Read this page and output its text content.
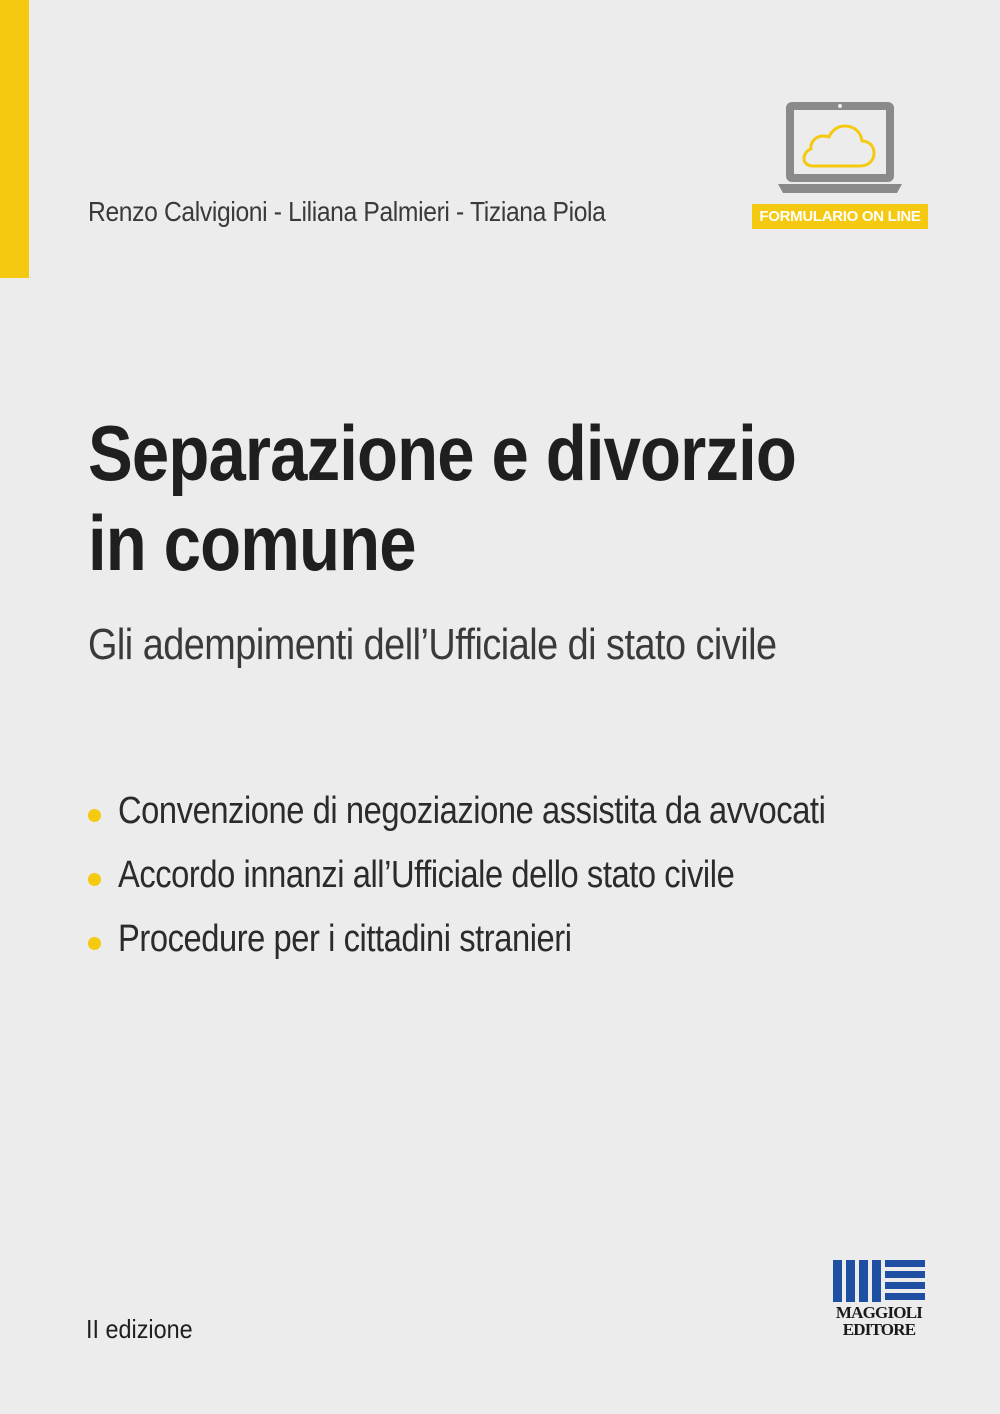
Renzo Calvigioni - Liliana Palmieri - Tiziana Piola	FORMULARIO ON LINE
Separazione e divorzio
in comune
Gli adempimenti dell’Ufficiale di stato civile
Convenzione di negoziazione assistita da avvocati
Accordo innanzi all’Ufficiale dello stato civile
Procedure per i cittadini stranieri
II edizione
MAGGIOLI
EDITORE
